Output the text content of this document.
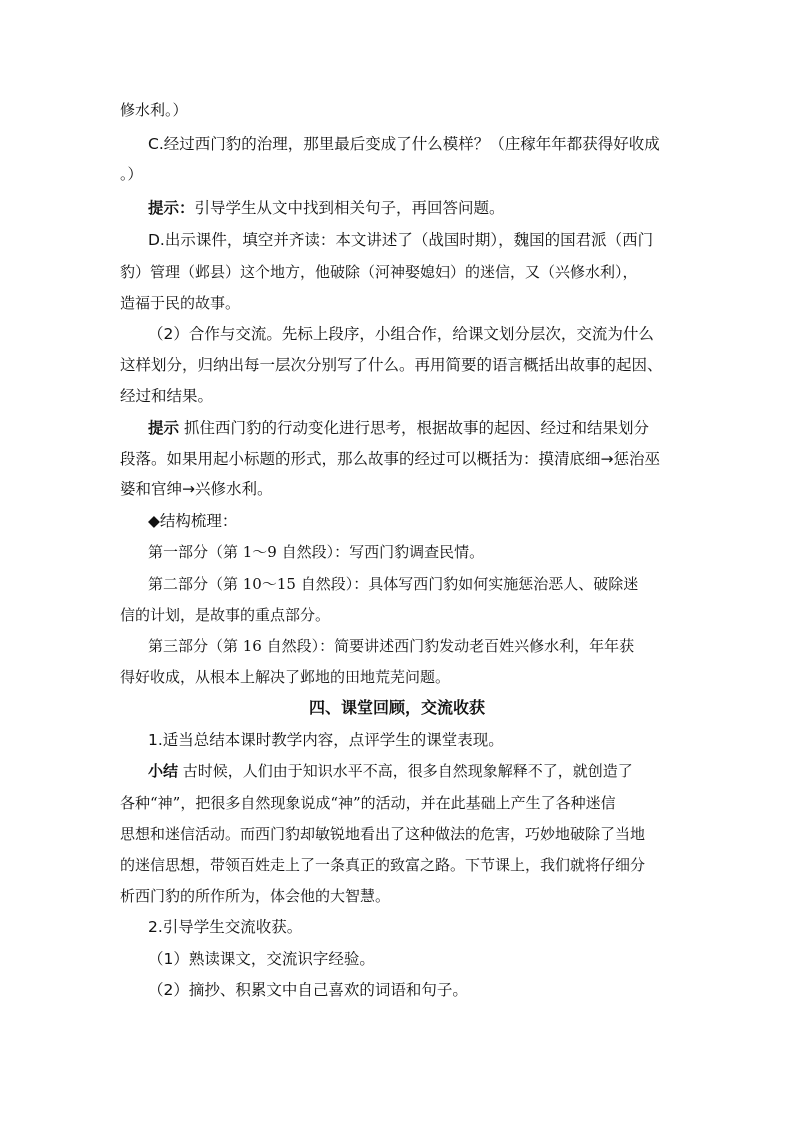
修水利。）
C.经过西门豹的治理，那里最后变成了什么模样？（庄稼年年都获得好收成
。）
提示：引导学生从文中找到相关句子，再回答问题。
D.出示课件，填空并齐读：本文讲述了（战国时期），魏国的国君派（西门
豹）管理（邺县）这个地方，他破除（河神娶媳妇）的迷信，又（兴修水利），
造福于民的故事。
（2）合作与交流。先标上段序，小组合作，给课文划分层次，交流为什么
这样划分，归纳出每一层次分别写了什么。再用简要的语言概括出故事的起因、
经过和结果。
提示 抓住西门豹的行动变化进行思考，根据故事的起因、经过和结果划分
段落。如果用起小标题的形式，那么故事的经过可以概括为：摸清底细→惩治巫
婆和官绅→兴修水利。
◆结构梳理：
第一部分（第 1～9 自然段）：写西门豹调查民情。
第二部分（第 10～15 自然段）：具体写西门豹如何实施惩治恶人、破除迷
信的计划，是故事的重点部分。
第三部分（第 16 自然段）：简要讲述西门豹发动老百姓兴修水利，年年获
得好收成，从根本上解决了邺地的田地荒芜问题。
四、课堂回顾，交流收获
1.适当总结本课时教学内容，点评学生的课堂表现。
小结 古时候，人们由于知识水平不高，很多自然现象解释不了，就创造了
各种“神”，把很多自然现象说成“神”的活动，并在此基础上产生了各种迷信
思想和迷信活动。而西门豹却敏锐地看出了这种做法的危害，巧妙地破除了当地
的迷信思想，带领百姓走上了一条真正的致富之路。下节课上，我们就将仔细分
析西门豹的所作所为，体会他的大智慧。
2.引导学生交流收获。
（1）熟读课文，交流识字经验。
（2）摘抄、积累文中自己喜欢的词语和句子。
